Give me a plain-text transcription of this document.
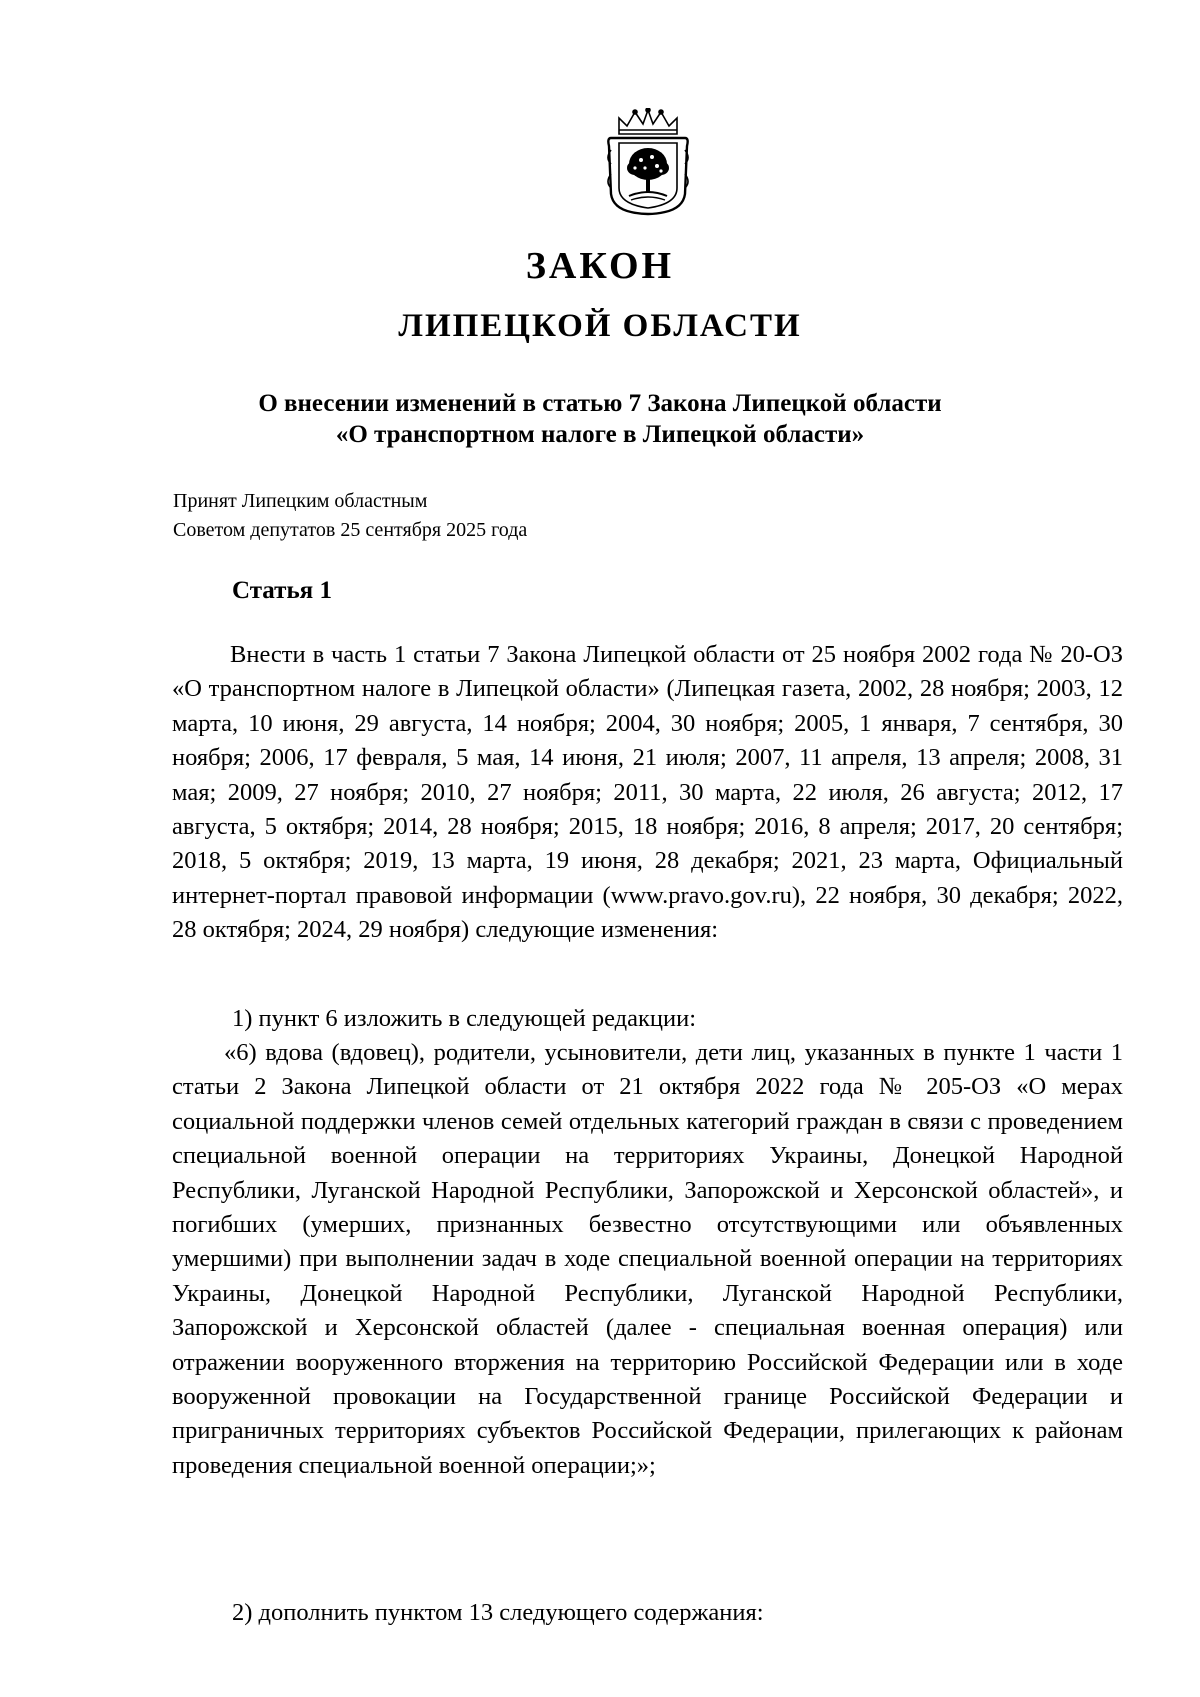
ЗАКОН
ЛИПЕЦКОЙ ОБЛАСТИ
О внесении изменений в статью 7 Закона Липецкой области
«О транспортном налоге в Липецкой области»
Принят Липецким областным
Советом депутатов 25 сентября 2025 года
Статья 1

Внести в часть 1 статьи 7 Закона Липецкой области от 25 ноября 2002 года № 20-ОЗ «О транспортном налоге в Липецкой области» (Липецкая газета, 2002, 28 ноября; 2003, 12 марта, 10 июня, 29 августа, 14 ноября; 2004, 30 ноября; 2005, 1 января, 7 сентября, 30 ноября; 2006, 17 февраля, 5 мая, 14 июня, 21 июля; 2007, 11 апреля, 13 апреля; 2008, 31 мая; 2009, 27 ноября; 2010, 27 ноября; 2011, 30 марта, 22 июля, 26 августа; 2012, 17 августа, 5 октября; 2014, 28 ноября; 2015, 18 ноября; 2016, 8 апреля; 2017, 20 сентября; 2018, 5 октября; 2019, 13 марта, 19 июня, 28 декабря; 2021, 23 марта, Официальный интернет-портал правовой информации (www.pravo.gov.ru), 22 ноября, 30 декабря; 2022, 28 октября; 2024, 29 ноября) следующие изменения:

1) пункт 6 изложить в следующей редакции:

«6) вдова (вдовец), родители, усыновители, дети лиц, указанных в пункте 1 части 1 статьи 2 Закона Липецкой области от 21 октября 2022 года № 205-ОЗ «О мерах социальной поддержки членов семей отдельных категорий граждан в связи с проведением специальной военной операции на территориях Украины, Донецкой Народной Республики, Луганской Народной Республики, Запорожской и Херсонской областей», и погибших (умерших, признанных безвестно отсутствующими или объявленных умершими) при выполнении задач в ходе специальной военной операции на территориях Украины, Донецкой Народной Республики, Луганской Народной Республики, Запорожской и Херсонской областей (далее - специальная военная операция) или отражении вооруженного вторжения на территорию Российской Федерации или в ходе вооруженной провокации на Государственной границе Российской Федерации и приграничных территориях субъектов Российской Федерации, прилегающих к районам проведения специальной военной операции;»;

2) дополнить пунктом 13 следующего содержания:
